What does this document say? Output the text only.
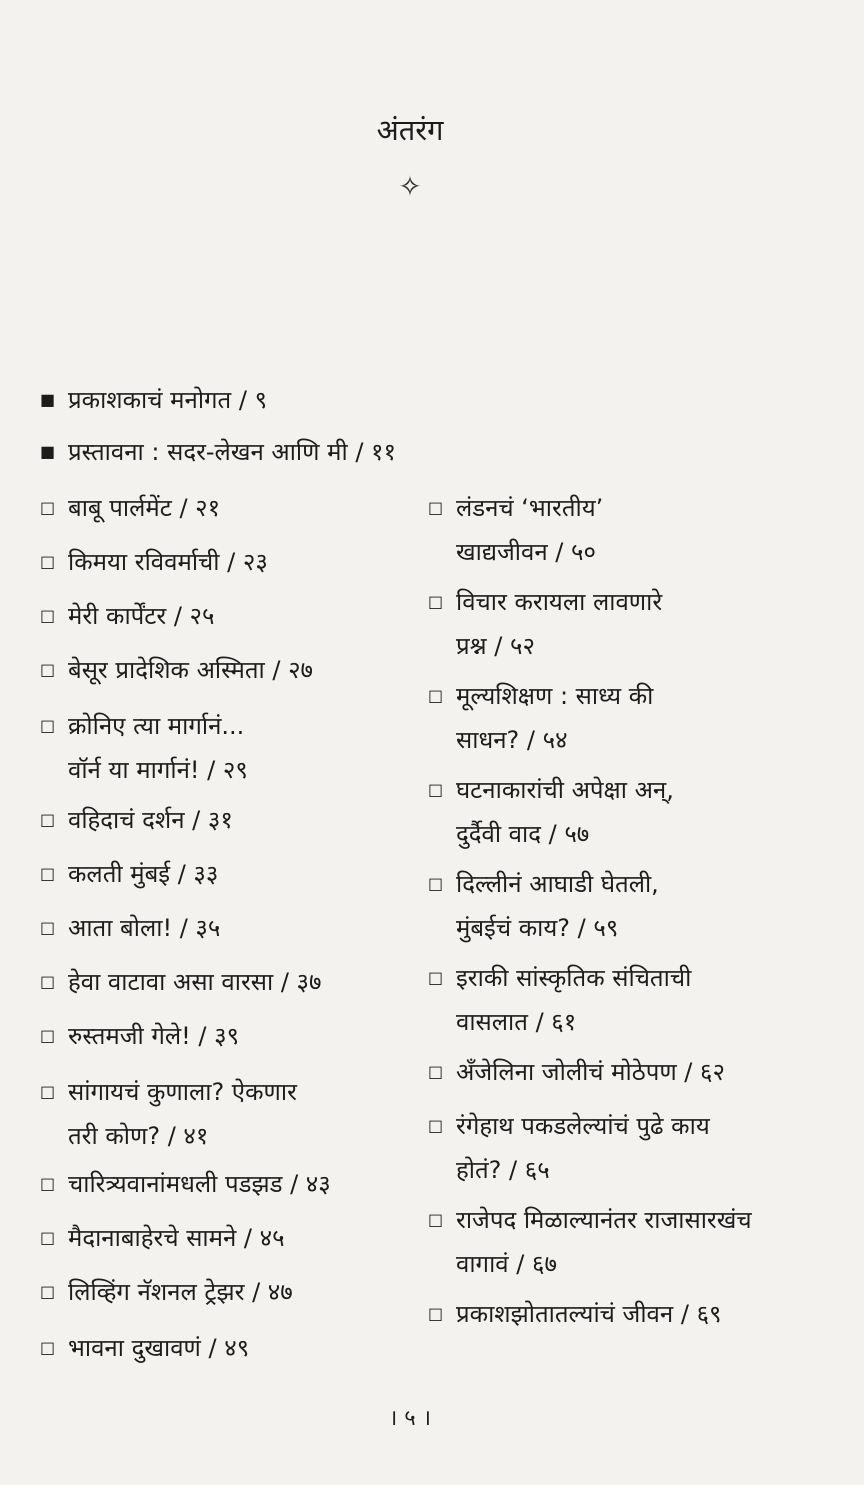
अंतरंग
✧
■ प्रकाशकाचं मनोगत / ९
■ प्रस्तावना : सदर-लेखन आणि मी / ११
□ बाबू पार्लमेंट / २१
□ किमया रविवर्माची / २३
□ मेरी कार्पेंटर / २५
□ बेसूर प्रादेशिक अस्मिता / २७
□ क्रोनिए त्या मार्गानं...
वॉर्न या मार्गानं! / २९
□ वहिदाचं दर्शन / ३१
□ कलती मुंबई / ३३
□ आता बोला! / ३५
□ हेवा वाटावा असा वारसा / ३७
□ रुस्तमजी गेले! / ३९
□ सांगायचं कुणाला? ऐकणार
तरी कोण? / ४१
□ चारित्र्यवानांमधली पडझड / ४३
□ मैदानाबाहेरचे सामने / ४५
□ लिव्हिंग नॅशनल ट्रेझर / ४७
□ भावना दुखावणं / ४९
□ लंडनचं ‘भारतीय’
खाद्यजीवन / ५०
□ विचार करायला लावणारे
प्रश्न / ५२
□ मूल्यशिक्षण : साध्य की
साधन? / ५४
□ घटनाकारांची अपेक्षा अन्,
दुर्दैवी वाद / ५७
□ दिल्लीनं आघाडी घेतली,
मुंबईचं काय? / ५९
□ इराकी सांस्कृतिक संचिताची
वासलात / ६१
□ अँजेलिना जोलीचं मोठेपण / ६२
□ रंगेहाथ पकडलेल्यांचं पुढे काय
होतं? / ६५
□ राजेपद मिळाल्यानंतर राजासारखंच
वागावं / ६७
□ प्रकाशझोतातल्यांचं जीवन / ६९
। ५ ।
